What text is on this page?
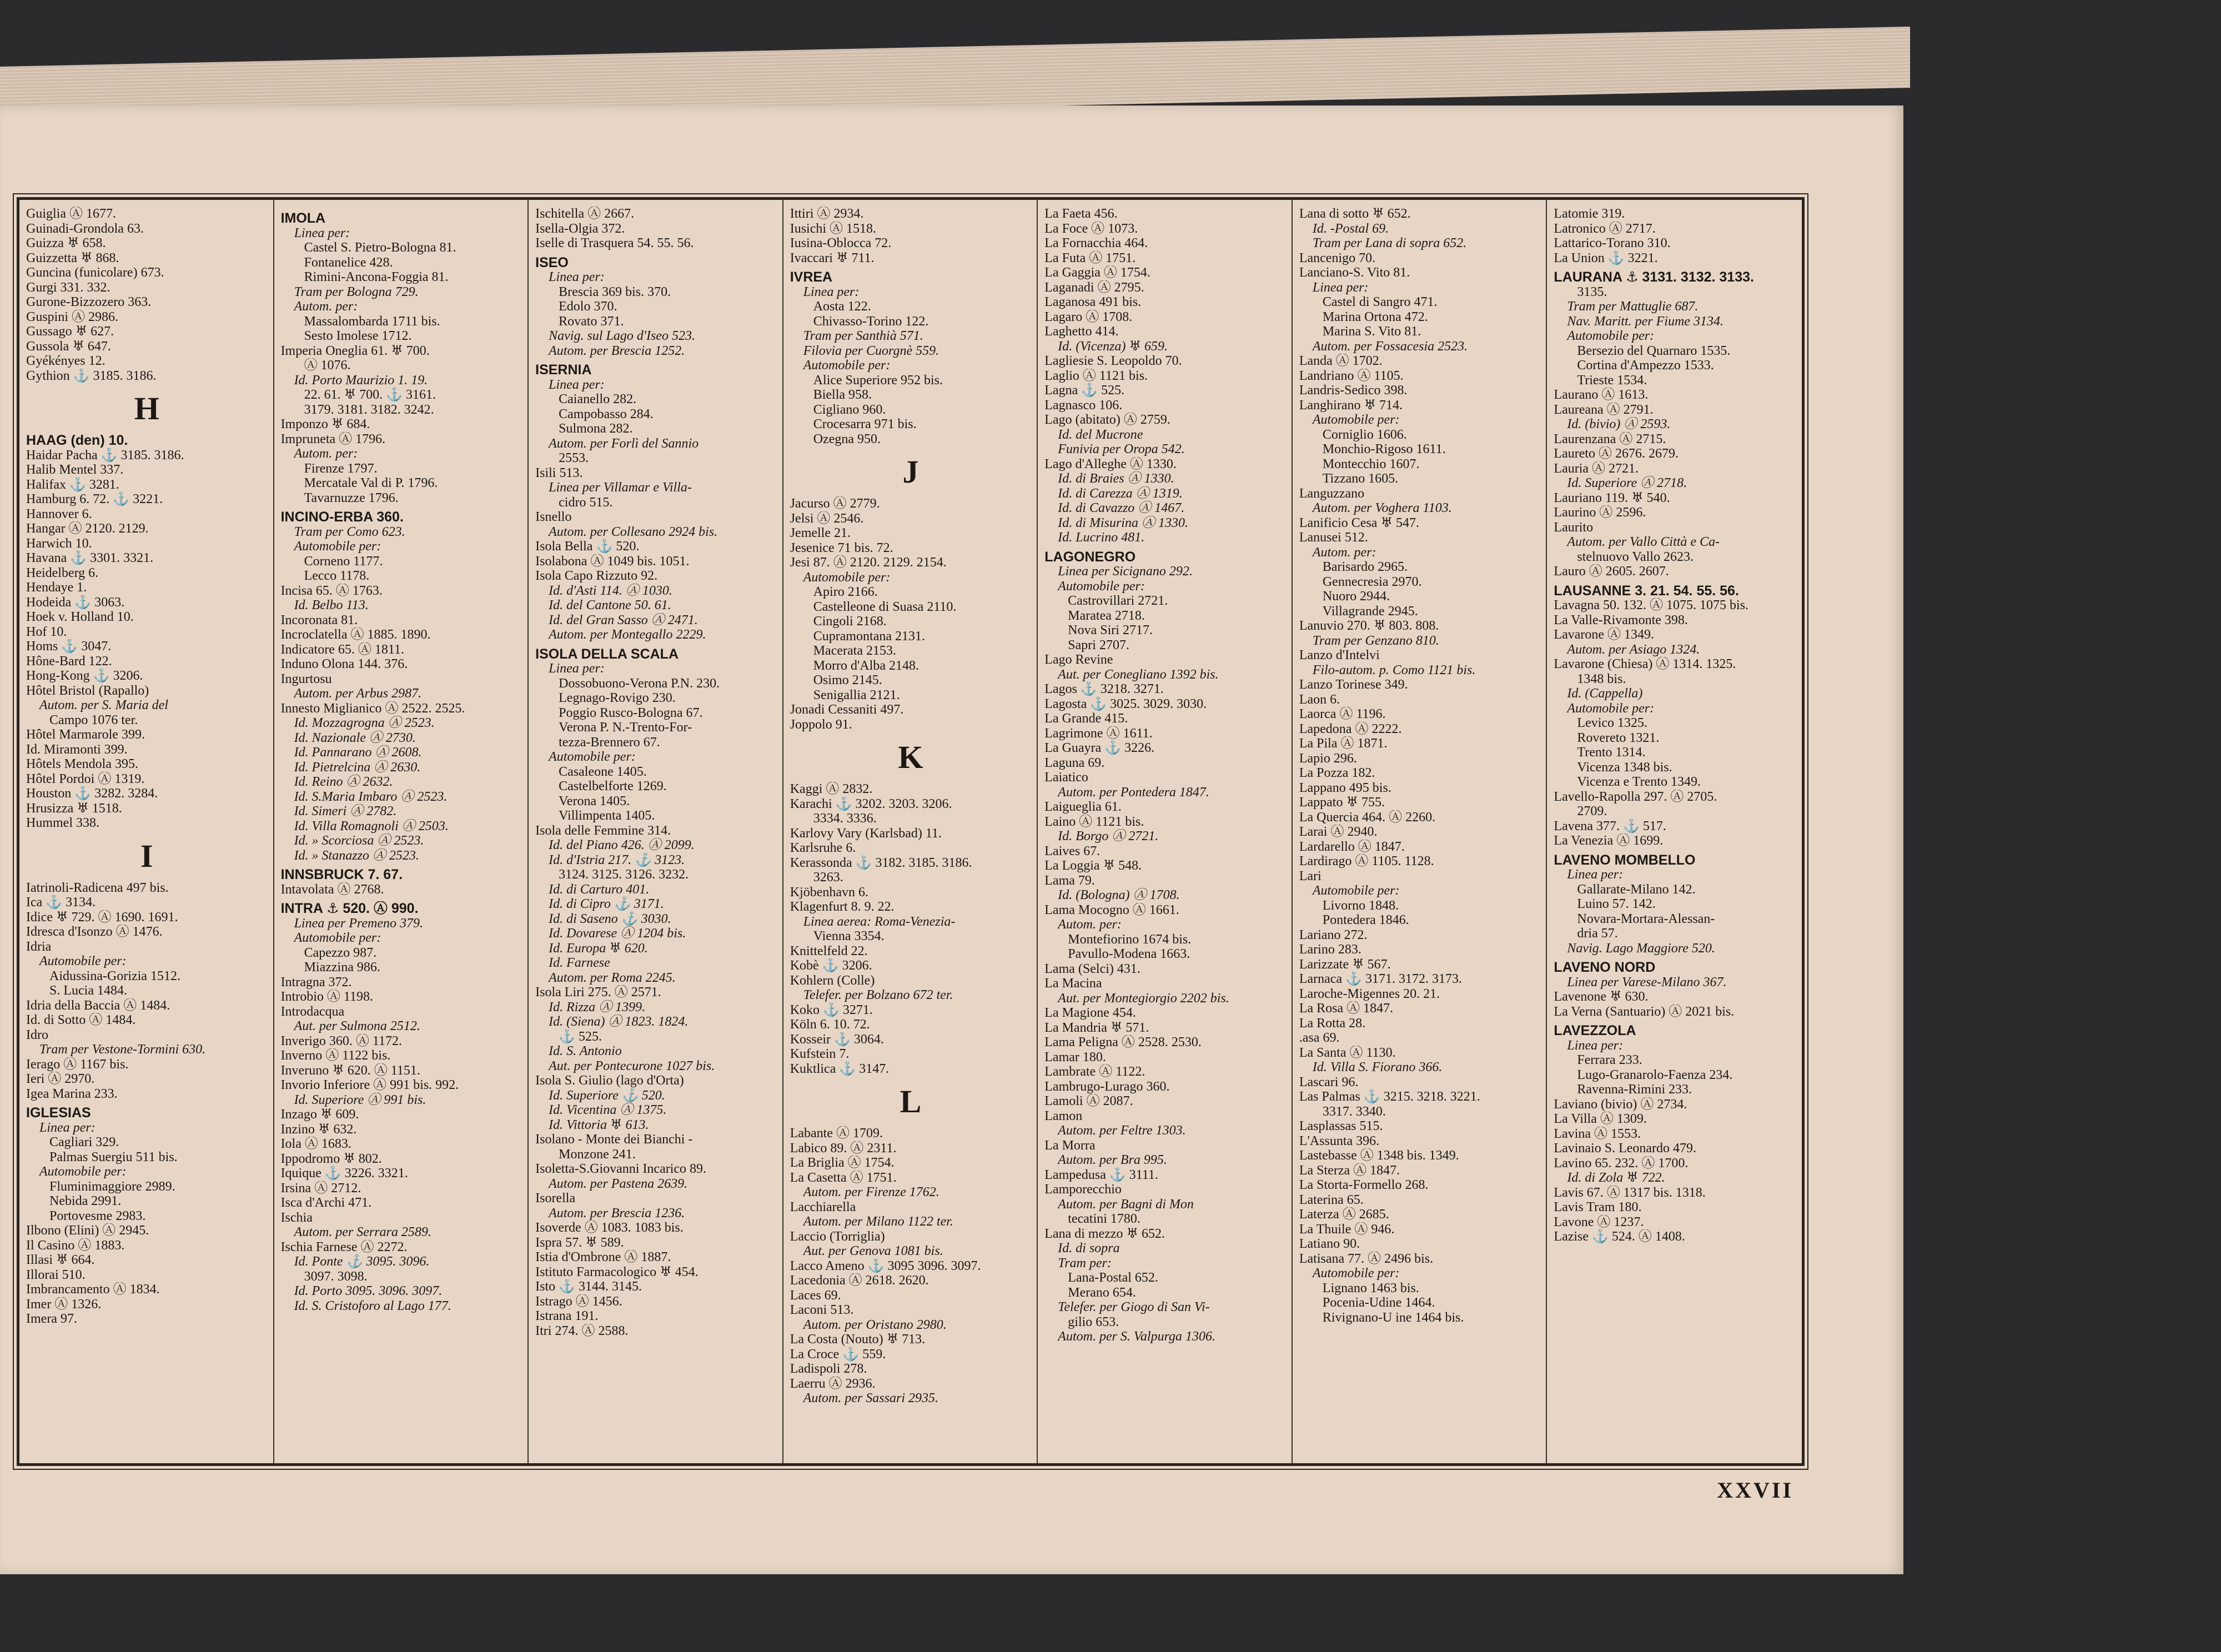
Guiglia Ⓐ 1677.
Guinadi-Grondola 63.
Guizza ♅ 658.
Guizzetta ♅ 868.
Guncina (funicolare) 673.
Gurgi 331. 332.
Gurone-Bizzozero 363.
Guspini Ⓐ 2986.
Gussago ♅ 627.
Gussola ♅ 647.
Gyékényes 12.
Gythion ⚓ 3185. 3186.
H
HAAG (den) 10.
Haidar Pacha ⚓ 3185. 3186.
Halib Mentel 337.
Halifax ⚓ 3281.
Hamburg 6. 72. ⚓ 3221.
Hannover 6.
Hangar Ⓐ 2120. 2129.
Harwich 10.
Havana ⚓ 3301. 3321.
Heidelberg 6.
Hendaye 1.
Hodeida ⚓ 3063.
Hoek v. Holland 10.
Hof 10.
Homs ⚓ 3047.
Hône-Bard 122.
Hong-Kong ⚓ 3206.
Hôtel Bristol (Rapallo)
Autom. per S. Maria del
Campo 1076 ter.
Hôtel Marmarole 399.
Id. Miramonti 399.
Hôtels Mendola 395.
Hôtel Pordoi Ⓐ 1319.
Houston ⚓ 3282. 3284.
Hrusizza ♅ 1518.
Hummel 338.
I
Iatrinoli-Radicena 497 bis.
Ica ⚓ 3134.
Idice ♅ 729. Ⓐ 1690. 1691.
Idresca d'Isonzo Ⓐ 1476.
Idria
Automobile per:
Aidussina-Gorizia 1512.
S. Lucia 1484.
Idria della Baccia Ⓐ 1484.
Id. di Sotto Ⓐ 1484.
Idro
Tram per Vestone-Tormini 630.
Ierago Ⓐ 1167 bis.
Ieri Ⓐ 2970.
Igea Marina 233.
IGLESIAS
Linea per:
Cagliari 329.
Palmas Suergiu 511 bis.
Automobile per:
Fluminimaggiore 2989.
Nebida 2991.
Portovesme 2983.
Ilbono (Elini) Ⓐ 2945.
Il Casino Ⓐ 1883.
Illasi ♅ 664.
Illorai 510.
Imbrancamento Ⓐ 1834.
Imer Ⓐ 1326.
Imera 97.
IMOLA
Linea per:
Castel S. Pietro-Bologna 81.
Fontanelice 428.
Rimini-Ancona-Foggia 81.
Tram per Bologna 729.
Autom. per:
Massalombarda 1711 bis.
Sesto Imolese 1712.
Imperia Oneglia 61. ♅ 700.
Ⓐ 1076.
Id. Porto Maurizio 1. 19.
22. 61. ♅ 700. ⚓ 3161.
3179. 3181. 3182. 3242.
Imponzo ♅ 684.
Impruneta Ⓐ 1796.
Autom. per:
Firenze 1797.
Mercatale Val di P. 1796.
Tavarnuzze 1796.
INCINO-ERBA 360.
Tram per Como 623.
Automobile per:
Corneno 1177.
Lecco 1178.
Incisa 65. Ⓐ 1763.
Id. Belbo 113.
Incoronata 81.
Incroclatella Ⓐ 1885. 1890.
Indicatore 65. Ⓐ 1811.
Induno Olona 144. 376.
Ingurtosu
Autom. per Arbus 2987.
Innesto Miglianico Ⓐ 2522. 2525.
Id. Mozzagrogna Ⓐ 2523.
Id. Nazionale Ⓐ 2730.
Id. Pannarano Ⓐ 2608.
Id. Pietrelcina Ⓐ 2630.
Id. Reino Ⓐ 2632.
Id. S.Maria Imbaro Ⓐ 2523.
Id. Simeri Ⓐ 2782.
Id. Villa Romagnoli Ⓐ 2503.
Id. » Scorciosa Ⓐ 2523.
Id. » Stanazzo Ⓐ 2523.
INNSBRUCK 7. 67.
Intavolata Ⓐ 2768.
INTRA ⚓ 520. Ⓐ 990.
Linea per Premeno 379.
Automobile per:
Capezzo 987.
Miazzina 986.
Intragna 372.
Introbio Ⓐ 1198.
Introdacqua
Aut. per Sulmona 2512.
Inverigo 360. Ⓐ 1172.
Inverno Ⓐ 1122 bis.
Inveruno ♅ 620. Ⓐ 1151.
Invorio Inferiore Ⓐ 991 bis. 992.
Id. Superiore Ⓐ 991 bis.
Inzago ♅ 609.
Inzino ♅ 632.
Iola Ⓐ 1683.
Ippodromo ♅ 802.
Iquique ⚓ 3226. 3321.
Irsina Ⓐ 2712.
Isca d'Archi 471.
Ischia
Autom. per Serrara 2589.
Ischia Farnese Ⓐ 2272.
Id. Ponte ⚓ 3095. 3096.
3097. 3098.
Id. Porto 3095. 3096. 3097.
Id. S. Cristoforo al Lago 177.
Ischitella Ⓐ 2667.
Isella-Olgia 372.
Iselle di Trasquera 54. 55. 56.
ISEO
Linea per:
Brescia 369 bis. 370.
Edolo 370.
Rovato 371.
Navig. sul Lago d'Iseo 523.
Autom. per Brescia 1252.
ISERNIA
Linea per:
Caianello 282.
Campobasso 284.
Sulmona 282.
Autom. per Forlì del Sannio
2553.
Isili 513.
Linea per Villamar e Villa-
cidro 515.
Isnello
Autom. per Collesano 2924 bis.
Isola Bella ⚓ 520.
Isolabona Ⓐ 1049 bis. 1051.
Isola Capo Rizzuto 92.
Id. d'Asti 114. Ⓐ 1030.
Id. del Cantone 50. 61.
Id. del Gran Sasso Ⓐ 2471.
Autom. per Montegallo 2229.
ISOLA DELLA SCALA
Linea per:
Dossobuono-Verona P.N. 230.
Legnago-Rovigo 230.
Poggio Rusco-Bologna 67.
Verona P. N.-Trento-For-
tezza-Brennero 67.
Automobile per:
Casaleone 1405.
Castelbelforte 1269.
Verona 1405.
Villimpenta 1405.
Isola delle Femmine 314.
Id. del Piano 426. Ⓐ 2099.
Id. d'Istria 217. ⚓ 3123.
3124. 3125. 3126. 3232.
Id. di Carturo 401.
Id. di Cipro ⚓ 3171.
Id. di Saseno ⚓ 3030.
Id. Dovarese Ⓐ 1204 bis.
Id. Europa ♅ 620.
Id. Farnese
Autom. per Roma 2245.
Isola Liri 275. Ⓐ 2571.
Id. Rizza Ⓐ 1399.
Id. (Siena) Ⓐ 1823. 1824.
⚓ 525.
Id. S. Antonio
Aut. per Pontecurone 1027 bis.
Isola S. Giulio (lago d'Orta)
Id. Superiore ⚓ 520.
Id. Vicentina Ⓐ 1375.
Id. Vittoria ♅ 613.
Isolano - Monte dei Bianchi -
Monzone 241.
Isoletta-S.Giovanni Incarico 89.
Autom. per Pastena 2639.
Isorella
Autom. per Brescia 1236.
Isoverde Ⓐ 1083. 1083 bis.
Ispra 57. ♅ 589.
Istia d'Ombrone Ⓐ 1887.
Istituto Farmacologico ♅ 454.
Isto ⚓ 3144. 3145.
Istrago Ⓐ 1456.
Istrana 191.
Itri 274. Ⓐ 2588.
Ittiri Ⓐ 2934.
Iusichi Ⓐ 1518.
Iusina-Oblocca 72.
Ivaccari ♅ 711.
IVREA
Linea per:
Aosta 122.
Chivasso-Torino 122.
Tram per Santhià 571.
Filovia per Cuorgnè 559.
Automobile per:
Alice Superiore 952 bis.
Biella 958.
Cigliano 960.
Crocesarra 971 bis.
Ozegna 950.
J
Jacurso Ⓐ 2779.
Jelsi Ⓐ 2546.
Jemelle 21.
Jesenice 71 bis. 72.
Jesi 87. Ⓐ 2120. 2129. 2154.
Automobile per:
Apiro 2166.
Castelleone di Suasa 2110.
Cingoli 2168.
Cupramontana 2131.
Macerata 2153.
Morro d'Alba 2148.
Osimo 2145.
Senigallia 2121.
Jonadi Cessaniti 497.
Joppolo 91.
K
Kaggi Ⓐ 2832.
Karachi ⚓ 3202. 3203. 3206.
3334. 3336.
Karlovy Vary (Karlsbad) 11.
Karlsruhe 6.
Kerassonda ⚓ 3182. 3185. 3186.
3263.
Kjöbenhavn 6.
Klagenfurt 8. 9. 22.
Linea aerea: Roma-Venezia-
Vienna 3354.
Knittelfeld 22.
Kobè ⚓ 3206.
Kohlern (Colle)
Telefer. per Bolzano 672 ter.
Koko ⚓ 3271.
Köln 6. 10. 72.
Kosseir ⚓ 3064.
Kufstein 7.
Kuktlica ⚓ 3147.
L
Labante Ⓐ 1709.
Labico 89. Ⓐ 2311.
La Briglia Ⓐ 1754.
La Casetta Ⓐ 1751.
Autom. per Firenze 1762.
Lacchiarella
Autom. per Milano 1122 ter.
Laccio (Torriglia)
Aut. per Genova 1081 bis.
Lacco Ameno ⚓ 3095 3096. 3097.
Lacedonia Ⓐ 2618. 2620.
Laces 69.
Laconi 513.
Autom. per Oristano 2980.
La Costa (Nouto) ♅ 713.
La Croce ⚓ 559.
Ladispoli 278.
Laerru Ⓐ 2936.
Autom. per Sassari 2935.
La Faeta 456.
La Foce Ⓐ 1073.
La Fornacchia 464.
La Futa Ⓐ 1751.
La Gaggia Ⓐ 1754.
Laganadi Ⓐ 2795.
Laganosa 491 bis.
Lagaro Ⓐ 1708.
Laghetto 414.
Id. (Vicenza) ♅ 659.
Lagliesie S. Leopoldo 70.
Laglio Ⓐ 1121 bis.
Lagna ⚓ 525.
Lagnasco 106.
Lago (abitato) Ⓐ 2759.
Id. del Mucrone
Funivia per Oropa 542.
Lago d'Alleghe Ⓐ 1330.
Id. di Braies Ⓐ 1330.
Id. di Carezza Ⓐ 1319.
Id. di Cavazzo Ⓐ 1467.
Id. di Misurina Ⓐ 1330.
Id. Lucrino 481.
LAGONEGRO
Linea per Sicignano 292.
Automobile per:
Castrovillari 2721.
Maratea 2718.
Nova Siri 2717.
Sapri 2707.
Lago Revine
Aut. per Conegliano 1392 bis.
Lagos ⚓ 3218. 3271.
Lagosta ⚓ 3025. 3029. 3030.
La Grande 415.
Lagrimone Ⓐ 1611.
La Guayra ⚓ 3226.
Laguna 69.
Laiatico
Autom. per Pontedera 1847.
Laigueglia 61.
Laino Ⓐ 1121 bis.
Id. Borgo Ⓐ 2721.
Laives 67.
La Loggia ♅ 548.
Lama 79.
Id. (Bologna) Ⓐ 1708.
Lama Mocogno Ⓐ 1661.
Autom. per:
Montefiorino 1674 bis.
Pavullo-Modena 1663.
Lama (Selci) 431.
La Macina
Aut. per Montegiorgio 2202 bis.
La Magione 454.
La Mandria ♅ 571.
Lama Peligna Ⓐ 2528. 2530.
Lamar 180.
Lambrate Ⓐ 1122.
Lambrugo-Lurago 360.
Lamoli Ⓐ 2087.
Lamon
Autom. per Feltre 1303.
La Morra
Autom. per Bra 995.
Lampedusa ⚓ 3111.
Lamporecchio
Autom. per Bagni di Mon
tecatini 1780.
Lana di mezzo ♅ 652.
Id. di sopra
Tram per:
Lana-Postal 652.
Merano 654.
Telefer. per Giogo di San Vi-
gilio 653.
Autom. per S. Valpurga 1306.
Lana di sotto ♅ 652.
Id. -Postal 69.
Tram per Lana di sopra 652.
Lancenigo 70.
Lanciano-S. Vito 81.
Linea per:
Castel di Sangro 471.
Marina Ortona 472.
Marina S. Vito 81.
Autom. per Fossacesia 2523.
Landa Ⓐ 1702.
Landriano Ⓐ 1105.
Landris-Sedico 398.
Langhirano ♅ 714.
Automobile per:
Corniglio 1606.
Monchio-Rigoso 1611.
Montecchio 1607.
Tizzano 1605.
Languzzano
Autom. per Voghera 1103.
Lanificio Cesa ♅ 547.
Lanusei 512.
Autom. per:
Barisardo 2965.
Gennecresia 2970.
Nuoro 2944.
Villagrande 2945.
Lanuvio 270. ♅ 803. 808.
Tram per Genzano 810.
Lanzo d'Intelvi
Filo-autom. p. Como 1121 bis.
Lanzo Torinese 349.
Laon 6.
Laorca Ⓐ 1196.
Lapedona Ⓐ 2222.
La Pila Ⓐ 1871.
Lapio 296.
La Pozza 182.
Lappano 495 bis.
Lappato ♅ 755.
La Quercia 464. Ⓐ 2260.
Larai Ⓐ 2940.
Lardarello Ⓐ 1847.
Lardirago Ⓐ 1105. 1128.
Lari
Automobile per:
Livorno 1848.
Pontedera 1846.
Lariano 272.
Larino 283.
Larizzate ♅ 567.
Larnaca ⚓ 3171. 3172. 3173.
Laroche-Migennes 20. 21.
La Rosa Ⓐ 1847.
La Rotta 28.
.asa 69.
La Santa Ⓐ 1130.
Id. Villa S. Fiorano 366.
Lascari 96.
Las Palmas ⚓ 3215. 3218. 3221.
3317. 3340.
Lasplassas 515.
L'Assunta 396.
Lastebasse Ⓐ 1348 bis. 1349.
La Sterza Ⓐ 1847.
La Storta-Formello 268.
Laterina 65.
Laterza Ⓐ 2685.
La Thuile Ⓐ 946.
Latiano 90.
Latisana 77. Ⓐ 2496 bis.
Automobile per:
Lignano 1463 bis.
Pocenia-Udine 1464.
Rivignano-U ine 1464 bis.
Latomie 319.
Latronico Ⓐ 2717.
Lattarico-Torano 310.
La Union ⚓ 3221.
LAURANA ⚓ 3131. 3132. 3133.
3135.
Tram per Mattuglie 687.
Nav. Maritt. per Fiume 3134.
Automobile per:
Bersezio del Quarnaro 1535.
Cortina d'Ampezzo 1533.
Trieste 1534.
Laurano Ⓐ 1613.
Laureana Ⓐ 2791.
Id. (bivio) Ⓐ 2593.
Laurenzana Ⓐ 2715.
Laureto Ⓐ 2676. 2679.
Lauria Ⓐ 2721.
Id. Superiore Ⓐ 2718.
Lauriano 119. ♅ 540.
Laurino Ⓐ 2596.
Laurito
Autom. per Vallo Città e Ca-
stelnuovo Vallo 2623.
Lauro Ⓐ 2605. 2607.
LAUSANNE 3. 21. 54. 55. 56.
Lavagna 50. 132. Ⓐ 1075. 1075 bis.
La Valle-Rivamonte 398.
Lavarone Ⓐ 1349.
Autom. per Asiago 1324.
Lavarone (Chiesa) Ⓐ 1314. 1325.
1348 bis.
Id. (Cappella)
Automobile per:
Levico 1325.
Rovereto 1321.
Trento 1314.
Vicenza 1348 bis.
Vicenza e Trento 1349.
Lavello-Rapolla 297. Ⓐ 2705.
2709.
Lavena 377. ⚓ 517.
La Venezia Ⓐ 1699.
LAVENO MOMBELLO
Linea per:
Gallarate-Milano 142.
Luino 57. 142.
Novara-Mortara-Alessan-
dria 57.
Navig. Lago Maggiore 520.
LAVENO NORD
Linea per Varese-Milano 367.
Lavenone ♅ 630.
La Verna (Santuario) Ⓐ 2021 bis.
LAVEZZOLA
Linea per:
Ferrara 233.
Lugo-Granarolo-Faenza 234.
Ravenna-Rimini 233.
Laviano (bivio) Ⓐ 2734.
La Villa Ⓐ 1309.
Lavina Ⓐ 1553.
Lavinaio S. Leonardo 479.
Lavino 65. 232. Ⓐ 1700.
Id. di Zola ♅ 722.
Lavis 67. Ⓐ 1317 bis. 1318.
Lavis Tram 180.
Lavone Ⓐ 1237.
Lazise ⚓ 524. Ⓐ 1408.
XXVII
